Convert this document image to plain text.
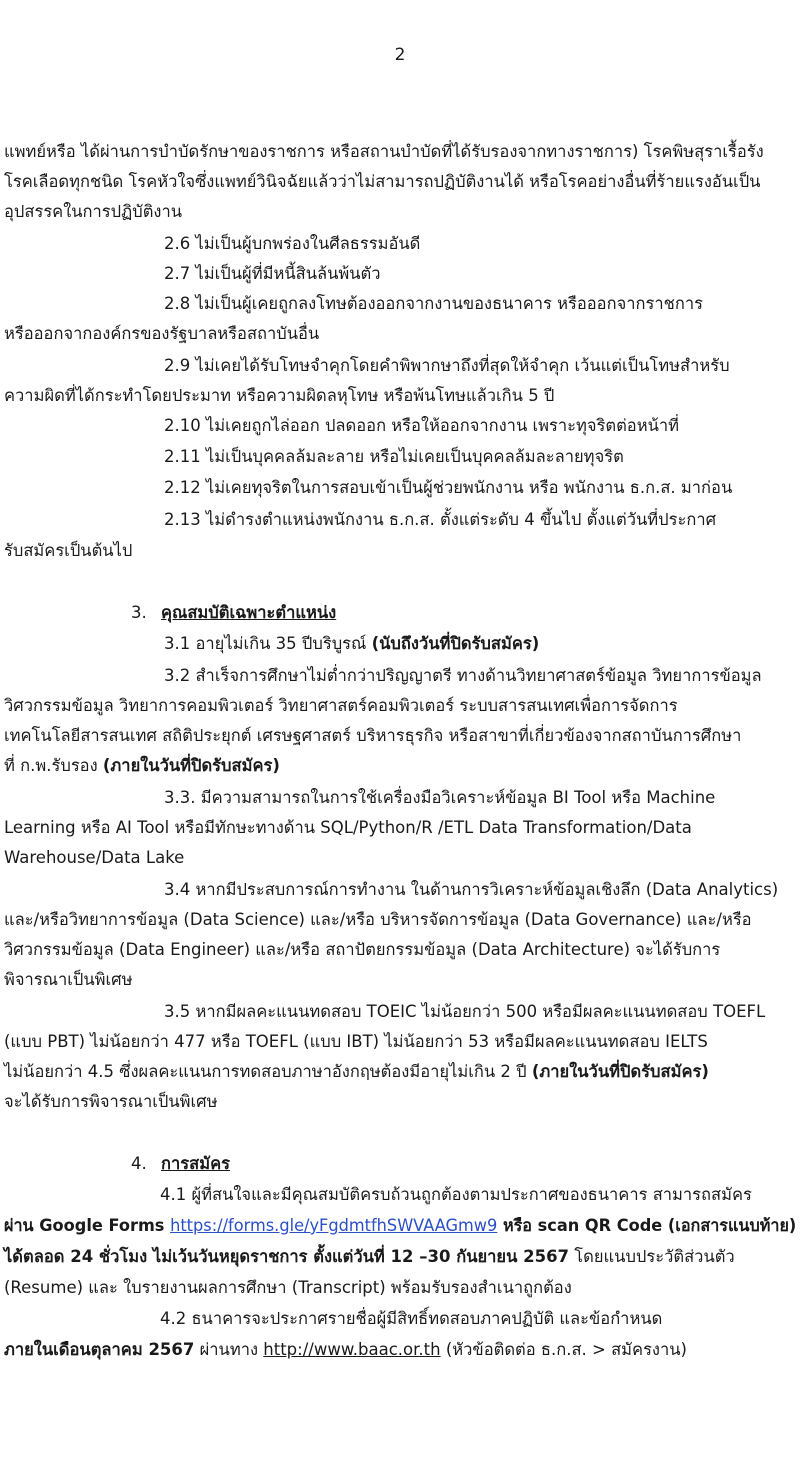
2
แพทย์หรือ ได้ผ่านการบำบัดรักษาของราชการ หรือสถานบำบัดที่ได้รับรองจากทางราชการ) โรคพิษสุราเรื้อรัง
โรคเลือดทุกชนิด โรคหัวใจซึ่งแพทย์วินิจฉัยแล้วว่าไม่สามารถปฏิบัติงานได้ หรือโรคอย่างอื่นที่ร้ายแรงอันเป็น
อุปสรรคในการปฏิบัติงาน
2.6 ไม่เป็นผู้บกพร่องในศีลธรรมอันดี
2.7 ไม่เป็นผู้ที่มีหนี้สินล้นพ้นตัว
2.8 ไม่เป็นผู้เคยถูกลงโทษต้องออกจากงานของธนาคาร หรือออกจากราชการ
หรือออกจากองค์กรของรัฐบาลหรือสถาบันอื่น
2.9 ไม่เคยได้รับโทษจำคุกโดยคำพิพากษาถึงที่สุดให้จำคุก เว้นแต่เป็นโทษสำหรับ
ความผิดที่ได้กระทำโดยประมาท หรือความผิดลหุโทษ หรือพ้นโทษแล้วเกิน 5 ปี
2.10 ไม่เคยถูกไล่ออก ปลดออก หรือให้ออกจากงาน เพราะทุจริตต่อหน้าที่
2.11 ไม่เป็นบุคคลล้มละลาย หรือไม่เคยเป็นบุคคลล้มละลายทุจริต
2.12 ไม่เคยทุจริตในการสอบเข้าเป็นผู้ช่วยพนักงาน หรือ พนักงาน ธ.ก.ส. มาก่อน
2.13 ไม่ดำรงตำแหน่งพนักงาน ธ.ก.ส. ตั้งแต่ระดับ 4 ขึ้นไป ตั้งแต่วันที่ประกาศ
รับสมัครเป็นต้นไป
3. คุณสมบัติเฉพาะตำแหน่ง
3.1 อายุไม่เกิน 35 ปีบริบูรณ์ (นับถึงวันที่ปิดรับสมัคร)
3.2 สำเร็จการศึกษาไม่ต่ำกว่าปริญญาตรี ทางด้านวิทยาศาสตร์ข้อมูล วิทยาการข้อมูล
วิศวกรรมข้อมูล วิทยาการคอมพิวเตอร์ วิทยาศาสตร์คอมพิวเตอร์ ระบบสารสนเทศเพื่อการจัดการ
เทคโนโลยีสารสนเทศ สถิติประยุกต์ เศรษฐศาสตร์ บริหารธุรกิจ หรือสาขาที่เกี่ยวข้องจากสถาบันการศึกษา
ที่ ก.พ.รับรอง (ภายในวันที่ปิดรับสมัคร)
3.3. มีความสามารถในการใช้เครื่องมือวิเคราะห์ข้อมูล BI Tool หรือ Machine
Learning หรือ AI Tool หรือมีทักษะทางด้าน SQL/Python/R /ETL Data Transformation/Data
Warehouse/Data Lake
3.4 หากมีประสบการณ์การทำงาน ในด้านการวิเคราะห์ข้อมูลเชิงลึก (Data Analytics)
และ/หรือวิทยาการข้อมูล (Data Science) และ/หรือ บริหารจัดการข้อมูล (Data Governance) และ/หรือ
วิศวกรรมข้อมูล (Data Engineer) และ/หรือ สถาปัตยกรรมข้อมูล (Data Architecture) จะได้รับการ
พิจารณาเป็นพิเศษ
3.5 หากมีผลคะแนนทดสอบ TOEIC ไม่น้อยกว่า 500 หรือมีผลคะแนนทดสอบ TOEFL
(แบบ PBT) ไม่น้อยกว่า 477 หรือ TOEFL (แบบ IBT) ไม่น้อยกว่า 53 หรือมีผลคะแนนทดสอบ IELTS
ไม่น้อยกว่า 4.5 ซึ่งผลคะแนนการทดสอบภาษาอังกฤษต้องมีอายุไม่เกิน 2 ปี (ภายในวันที่ปิดรับสมัคร)
จะได้รับการพิจารณาเป็นพิเศษ
4. การสมัคร
4.1 ผู้ที่สนใจและมีคุณสมบัติครบถ้วนถูกต้องตามประกาศของธนาคาร สามารถสมัคร
ผ่าน Google Forms https://forms.gle/yFgdmtfhSWVAAGmw9 หรือ scan QR Code (เอกสารแนบท้าย)
ได้ตลอด 24 ชั่วโมง ไม่เว้นวันหยุดราชการ ตั้งแต่วันที่ 12 –30 กันยายน 2567 โดยแนบประวัติส่วนตัว
(Resume) และ ใบรายงานผลการศึกษา (Transcript) พร้อมรับรองสำเนาถูกต้อง
4.2 ธนาคารจะประกาศรายชื่อผู้มีสิทธิ์ทดสอบภาคปฏิบัติ และข้อกำหนด
ภายในเดือนตุลาคม 2567 ผ่านทาง http://www.baac.or.th (หัวข้อติดต่อ ธ.ก.ส. > สมัครงาน)
